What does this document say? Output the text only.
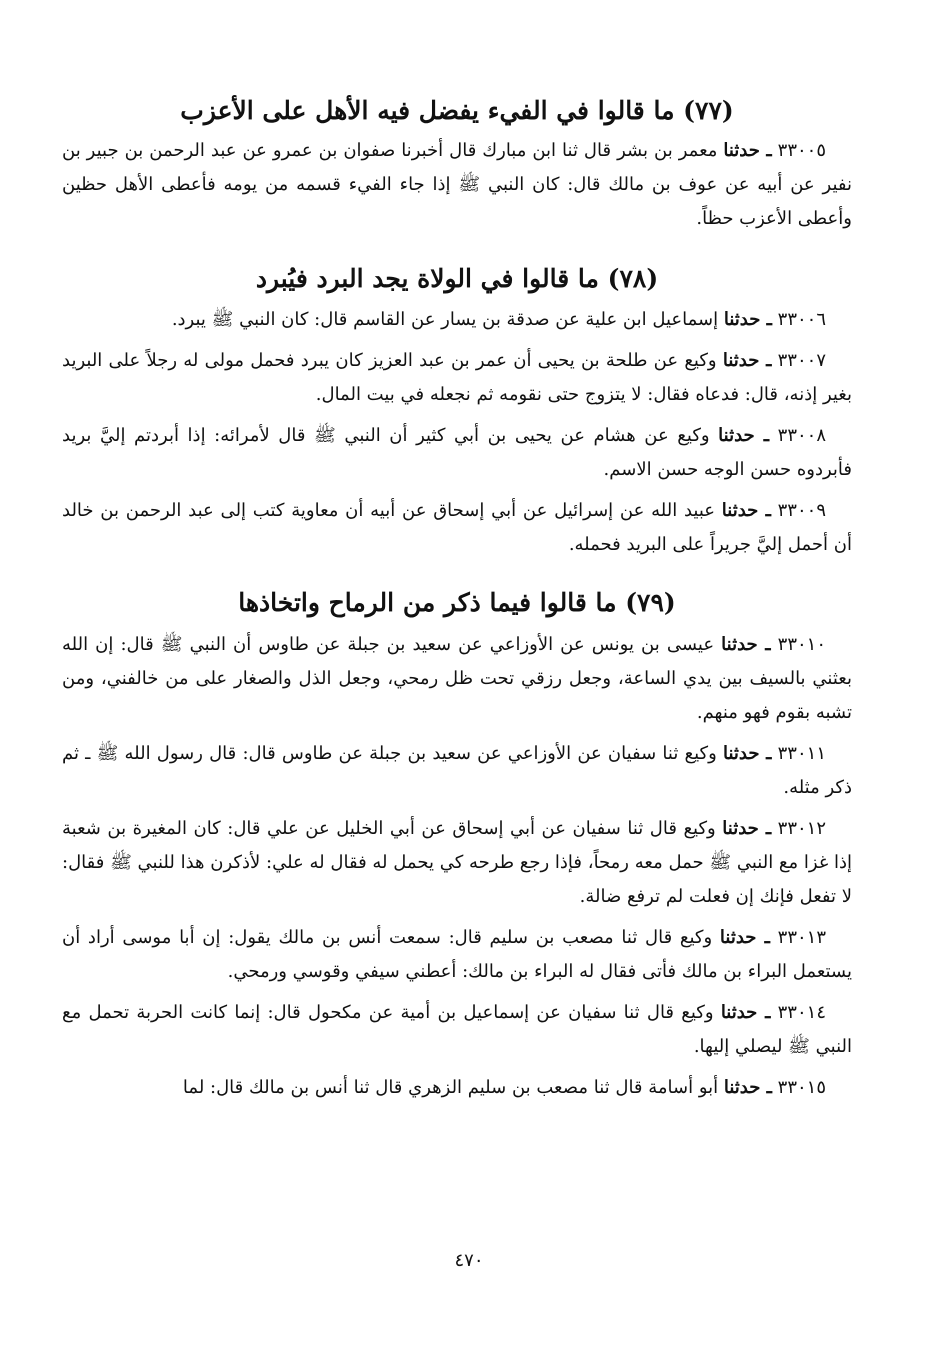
(٧٧) ما قالوا في الفيء يفضل فيه الأهل على الأعزب

٣٣٠٠٥ ـ حدثنا معمر بن بشر قال ثنا ابن مبارك قال أخبرنا صفوان بن عمرو عن عبد الرحمن بن جبير بن نفير عن أبيه عن عوف بن مالك قال: كان النبي ﷺ إذا جاء الفيء قسمه من يومه فأعطى الأهل حظين وأعطى الأعزب حظاً.

(٧٨) ما قالوا في الولاة يجد البرد فيُبرد

٣٣٠٠٦ ـ حدثنا إسماعيل ابن علية عن صدقة بن يسار عن القاسم قال: كان النبي ﷺ يبرد.

٣٣٠٠٧ ـ حدثنا وكيع عن طلحة بن يحيى أن عمر بن عبد العزيز كان يبرد فحمل مولى له رجلاً على البريد بغير إذنه، قال: فدعاه فقال: لا يتزوج حتى نقومه ثم نجعله في بيت المال.

٣٣٠٠٨ ـ حدثنا وكيع عن هشام عن يحيى بن أبي كثير أن النبي ﷺ قال لأمرائه: إذا أبردتم إليَّ بريد فأبردوه حسن الوجه حسن الاسم.

٣٣٠٠٩ ـ حدثنا عبيد الله عن إسرائيل عن أبي إسحاق عن أبيه أن معاوية كتب إلى عبد الرحمن بن خالد أن أحمل إليَّ جريراً على البريد فحمله.

(٧٩) ما قالوا فيما ذكر من الرماح واتخاذها

٣٣٠١٠ ـ حدثنا عيسى بن يونس عن الأوزاعي عن سعيد بن جبلة عن طاوس أن النبي ﷺ قال: إن الله بعثني بالسيف بين يدي الساعة، وجعل رزقي تحت ظل رمحي، وجعل الذل والصغار على من خالفني، ومن تشبه بقوم فهو منهم.

٣٣٠١١ ـ حدثنا وكيع ثنا سفيان عن الأوزاعي عن سعيد بن جبلة عن طاوس قال: قال رسول الله ﷺ ـ ثم ذكر مثله.

٣٣٠١٢ ـ حدثنا وكيع قال ثنا سفيان عن أبي إسحاق عن أبي الخليل عن علي قال: كان المغيرة بن شعبة إذا غزا مع النبي ﷺ حمل معه رمحاً، فإذا رجع طرحه كي يحمل له فقال له علي: لأذكرن هذا للنبي ﷺ فقال: لا تفعل فإنك إن فعلت لم ترفع ضالة.

٣٣٠١٣ ـ حدثنا وكيع قال ثنا مصعب بن سليم قال: سمعت أنس بن مالك يقول: إن أبا موسى أراد أن يستعمل البراء بن مالك فأتى فقال له البراء بن مالك: أعطني سيفي وقوسي ورمحي.

٣٣٠١٤ ـ حدثنا وكيع قال ثنا سفيان عن إسماعيل بن أمية عن مكحول قال: إنما كانت الحربة تحمل مع النبي ﷺ ليصلي إليها.

٣٣٠١٥ ـ حدثنا أبو أسامة قال ثنا مصعب بن سليم الزهري قال ثنا أنس بن مالك قال: لما

٤٧٠
